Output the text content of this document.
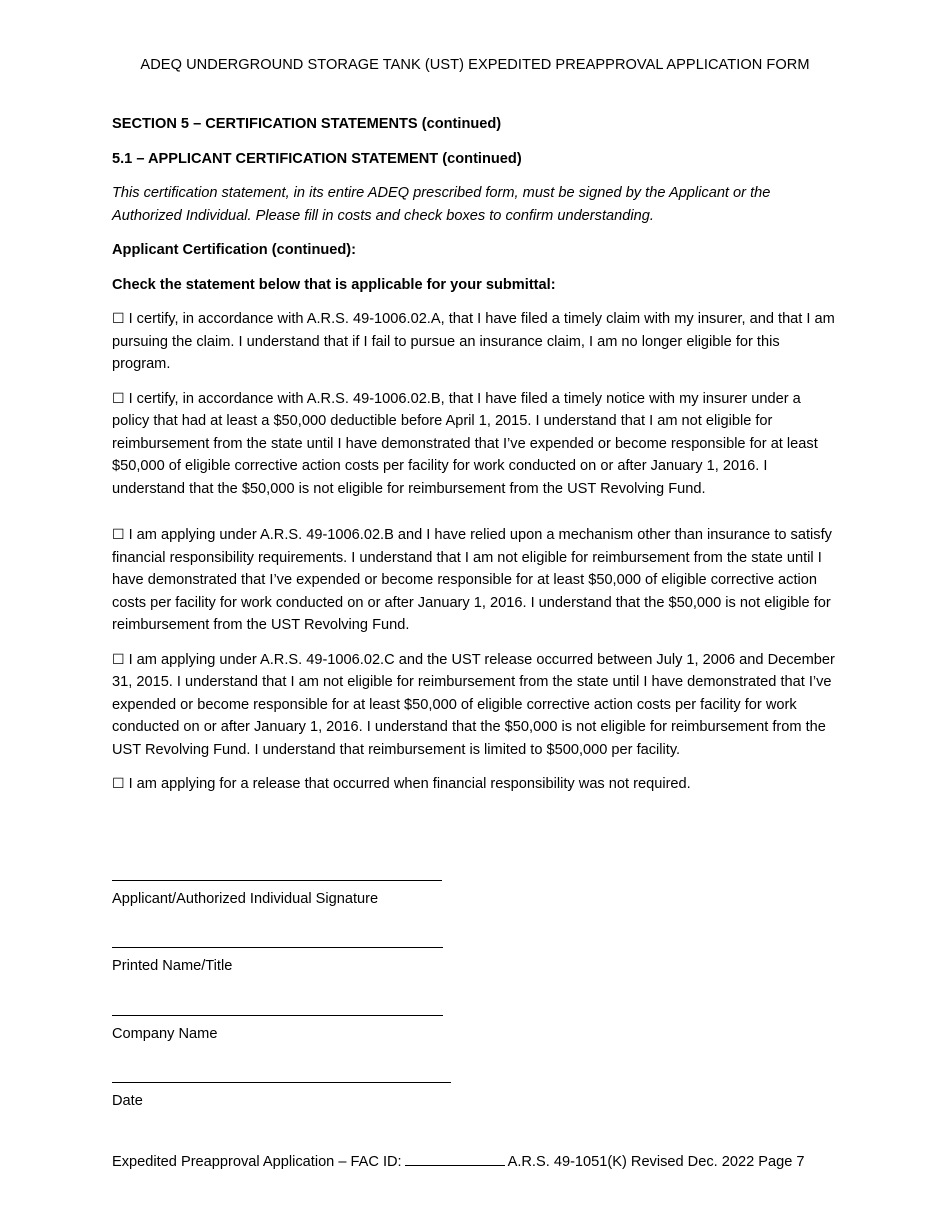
ADEQ UNDERGROUND STORAGE TANK (UST) EXPEDITED PREAPPROVAL APPLICATION FORM

SECTION 5 – CERTIFICATION STATEMENTS (continued)

5.1 – APPLICANT CERTIFICATION STATEMENT (continued)

This certification statement, in its entire ADEQ prescribed form, must be signed by the Applicant or the Authorized Individual. Please fill in costs and check boxes to confirm understanding.

Applicant Certification (continued):

Check the statement below that is applicable for your submittal:

☐ I certify, in accordance with A.R.S. 49-1006.02.A, that I have filed a timely claim with my insurer, and that I am pursuing the claim. I understand that if I fail to pursue an insurance claim, I am no longer eligible for this program.

☐ I certify, in accordance with A.R.S. 49-1006.02.B, that I have filed a timely notice with my insurer under a policy that had at least a $50,000 deductible before April 1, 2015. I understand that I am not eligible for reimbursement from the state until I have demonstrated that I’ve expended or become responsible for at least $50,000 of eligible corrective action costs per facility for work conducted on or after January 1, 2016. I understand that the $50,000 is not eligible for reimbursement from the UST Revolving Fund.

☐ I am applying under A.R.S. 49-1006.02.B and I have relied upon a mechanism other than insurance to satisfy financial responsibility requirements. I understand that I am not eligible for reimbursement from the state until I have demonstrated that I’ve expended or become responsible for at least $50,000 of eligible corrective action costs per facility for work conducted on or after January 1, 2016. I understand that the $50,000 is not eligible for reimbursement from the UST Revolving Fund.

☐ I am applying under A.R.S. 49-1006.02.C and the UST release occurred between July 1, 2006 and December 31, 2015. I understand that I am not eligible for reimbursement from the state until I have demonstrated that I’ve expended or become responsible for at least $50,000 of eligible corrective action costs per facility for work conducted on or after January 1, 2016. I understand that the $50,000 is not eligible for reimbursement from the UST Revolving Fund. I understand that reimbursement is limited to $500,000 per facility.

☐ I am applying for a release that occurred when financial responsibility was not required.

Applicant/Authorized Individual Signature
Printed Name/Title
Company Name
Date
Expedited Preapproval Application – FAC ID:	A.R.S. 49-1051(K) Revised Dec. 2022 Page 7
